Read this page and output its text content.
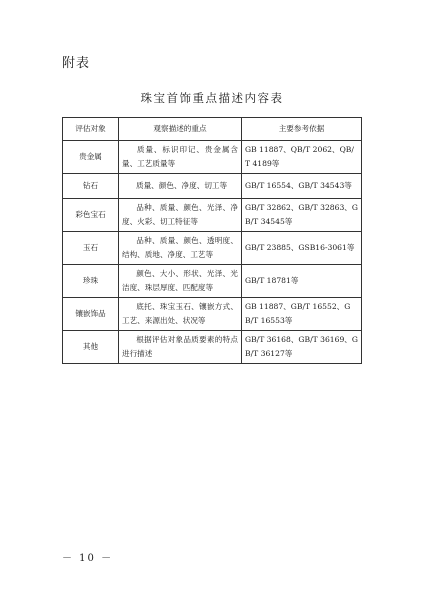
附表
珠宝首饰重点描述内容表
评估对象	观察描述的重点	主要参考依据
贵金属	质量、标识印记、贵金属含量、工艺质量等	GB 11887、QB/T 2062、QB/T 4189等
钻石	质量、颜色、净度、切工等	GB/T 16554、GB/T 34543等
彩色宝石	品种、质量、颜色、光泽、净度、火彩、切工特征等	GB/T 32862、GB/T 32863、GB/T 34545等
玉石	品种、质量、颜色、透明度、结构、质地、净度、工艺等	GB/T 23885、GSB16-3061等
珍珠	颜色、大小、形状、光泽、光洁度、珠层厚度、匹配度等	GB/T 18781等
镶嵌饰品	底托、珠宝玉石、镶嵌方式、工艺、来源出处、状况等	GB 11887、GB/T 16552、GB/T 16553等
其他	根据评估对象品质要素的特点进行描述	GB/T 36168、GB/T 36169、GB/T 36127等
－ 10 －
